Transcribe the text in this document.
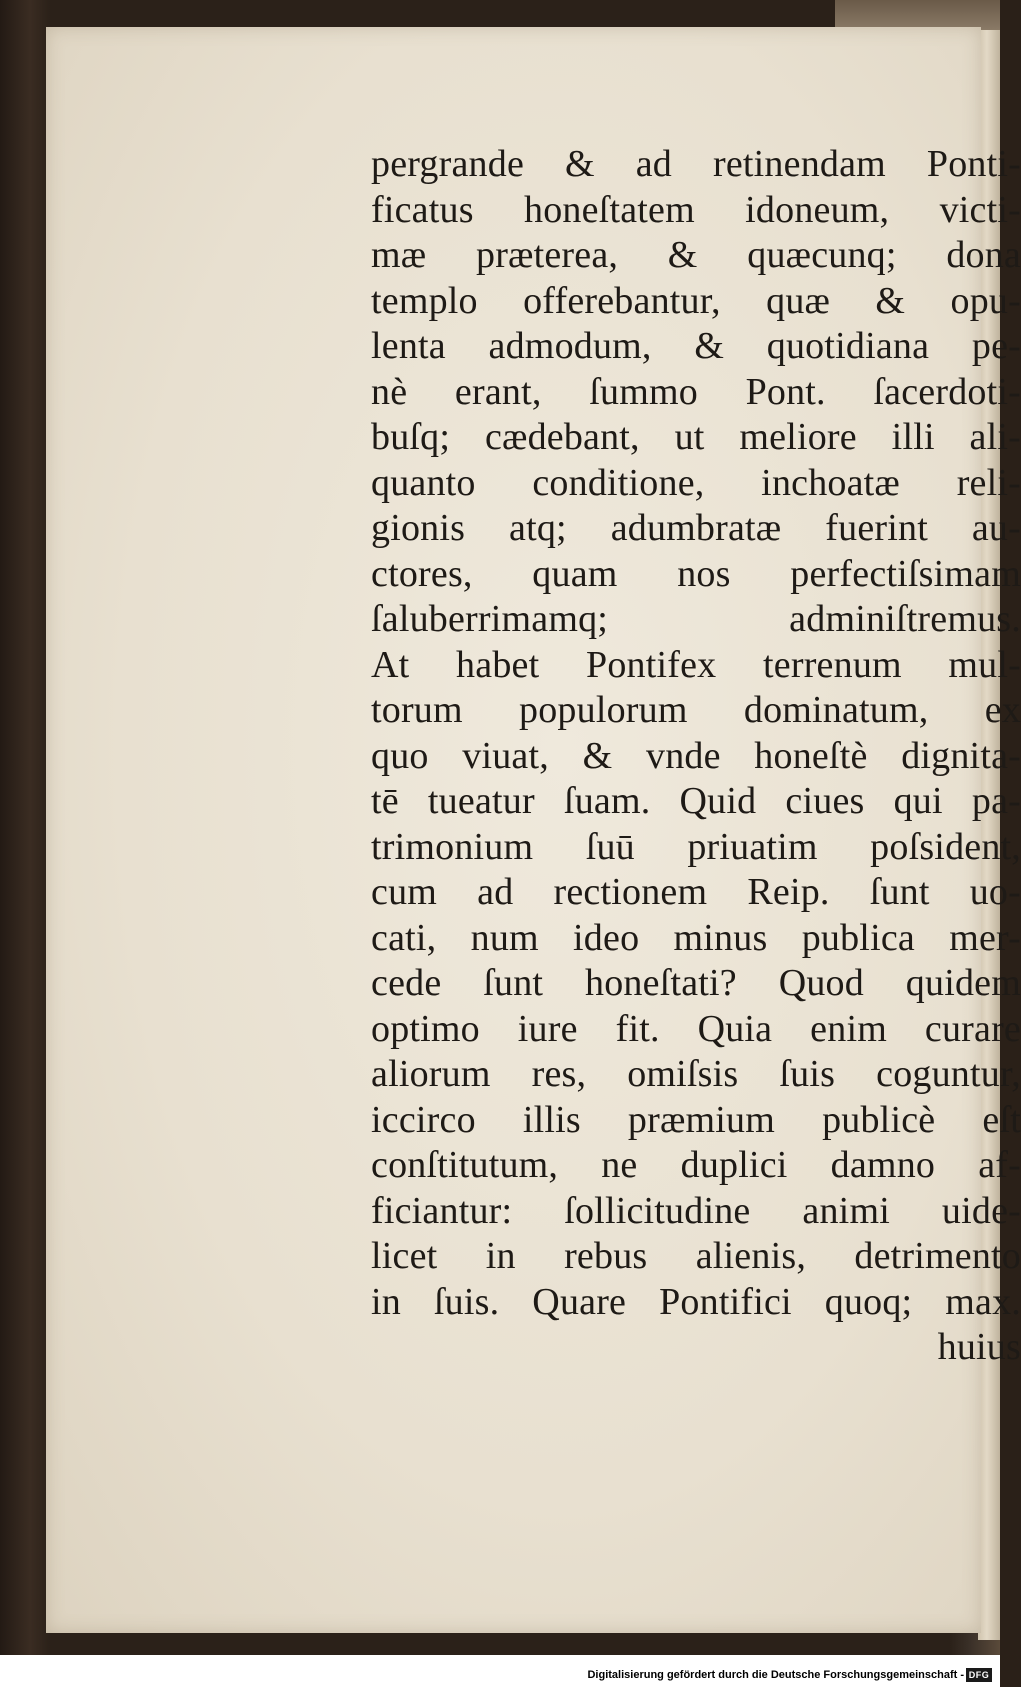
pergrande & ad retinendam Ponti-
ficatus honeſtatem idoneum, victi-
mæ præterea, & quæcunq; dona
templo offerebantur, quæ & opu-
lenta admodum, & quotidiana pe-
nè erant, ſummo Pont. ſacerdoti-
buſq; cædebant, ut meliore illi ali-
quanto conditione, inchoatæ reli-
gionis atq; adumbratæ fuerint au-
ctores, quam nos perfectiſsimam
ſaluberrimamq; adminiſtremus.
At habet Pontifex terrenum mul-
torum populorum dominatum, ex
quo viuat, & vnde honeſtè dignita-
tē tueatur ſuam. Quid ciues qui pa-
trimonium ſuū priuatim poſsident,
cum ad rectionem Reip. ſunt uo-
cati, num ideo minus publica mer-
cede ſunt honeſtati? Quod quidem
optimo iure fit. Quia enim curare
aliorum res, omiſsis ſuis coguntur,
iccirco illis præmium publicè eſt
conſtitutum, ne duplici damno af-
ficiantur: ſollicitudine animi uide-
licet in rebus alienis, detrimento
in ſuis. Quare Pontifici quoq; max.
huius
Digitalisierung gefördert durch die Deutsche Forschungsgemeinschaft - DFG
